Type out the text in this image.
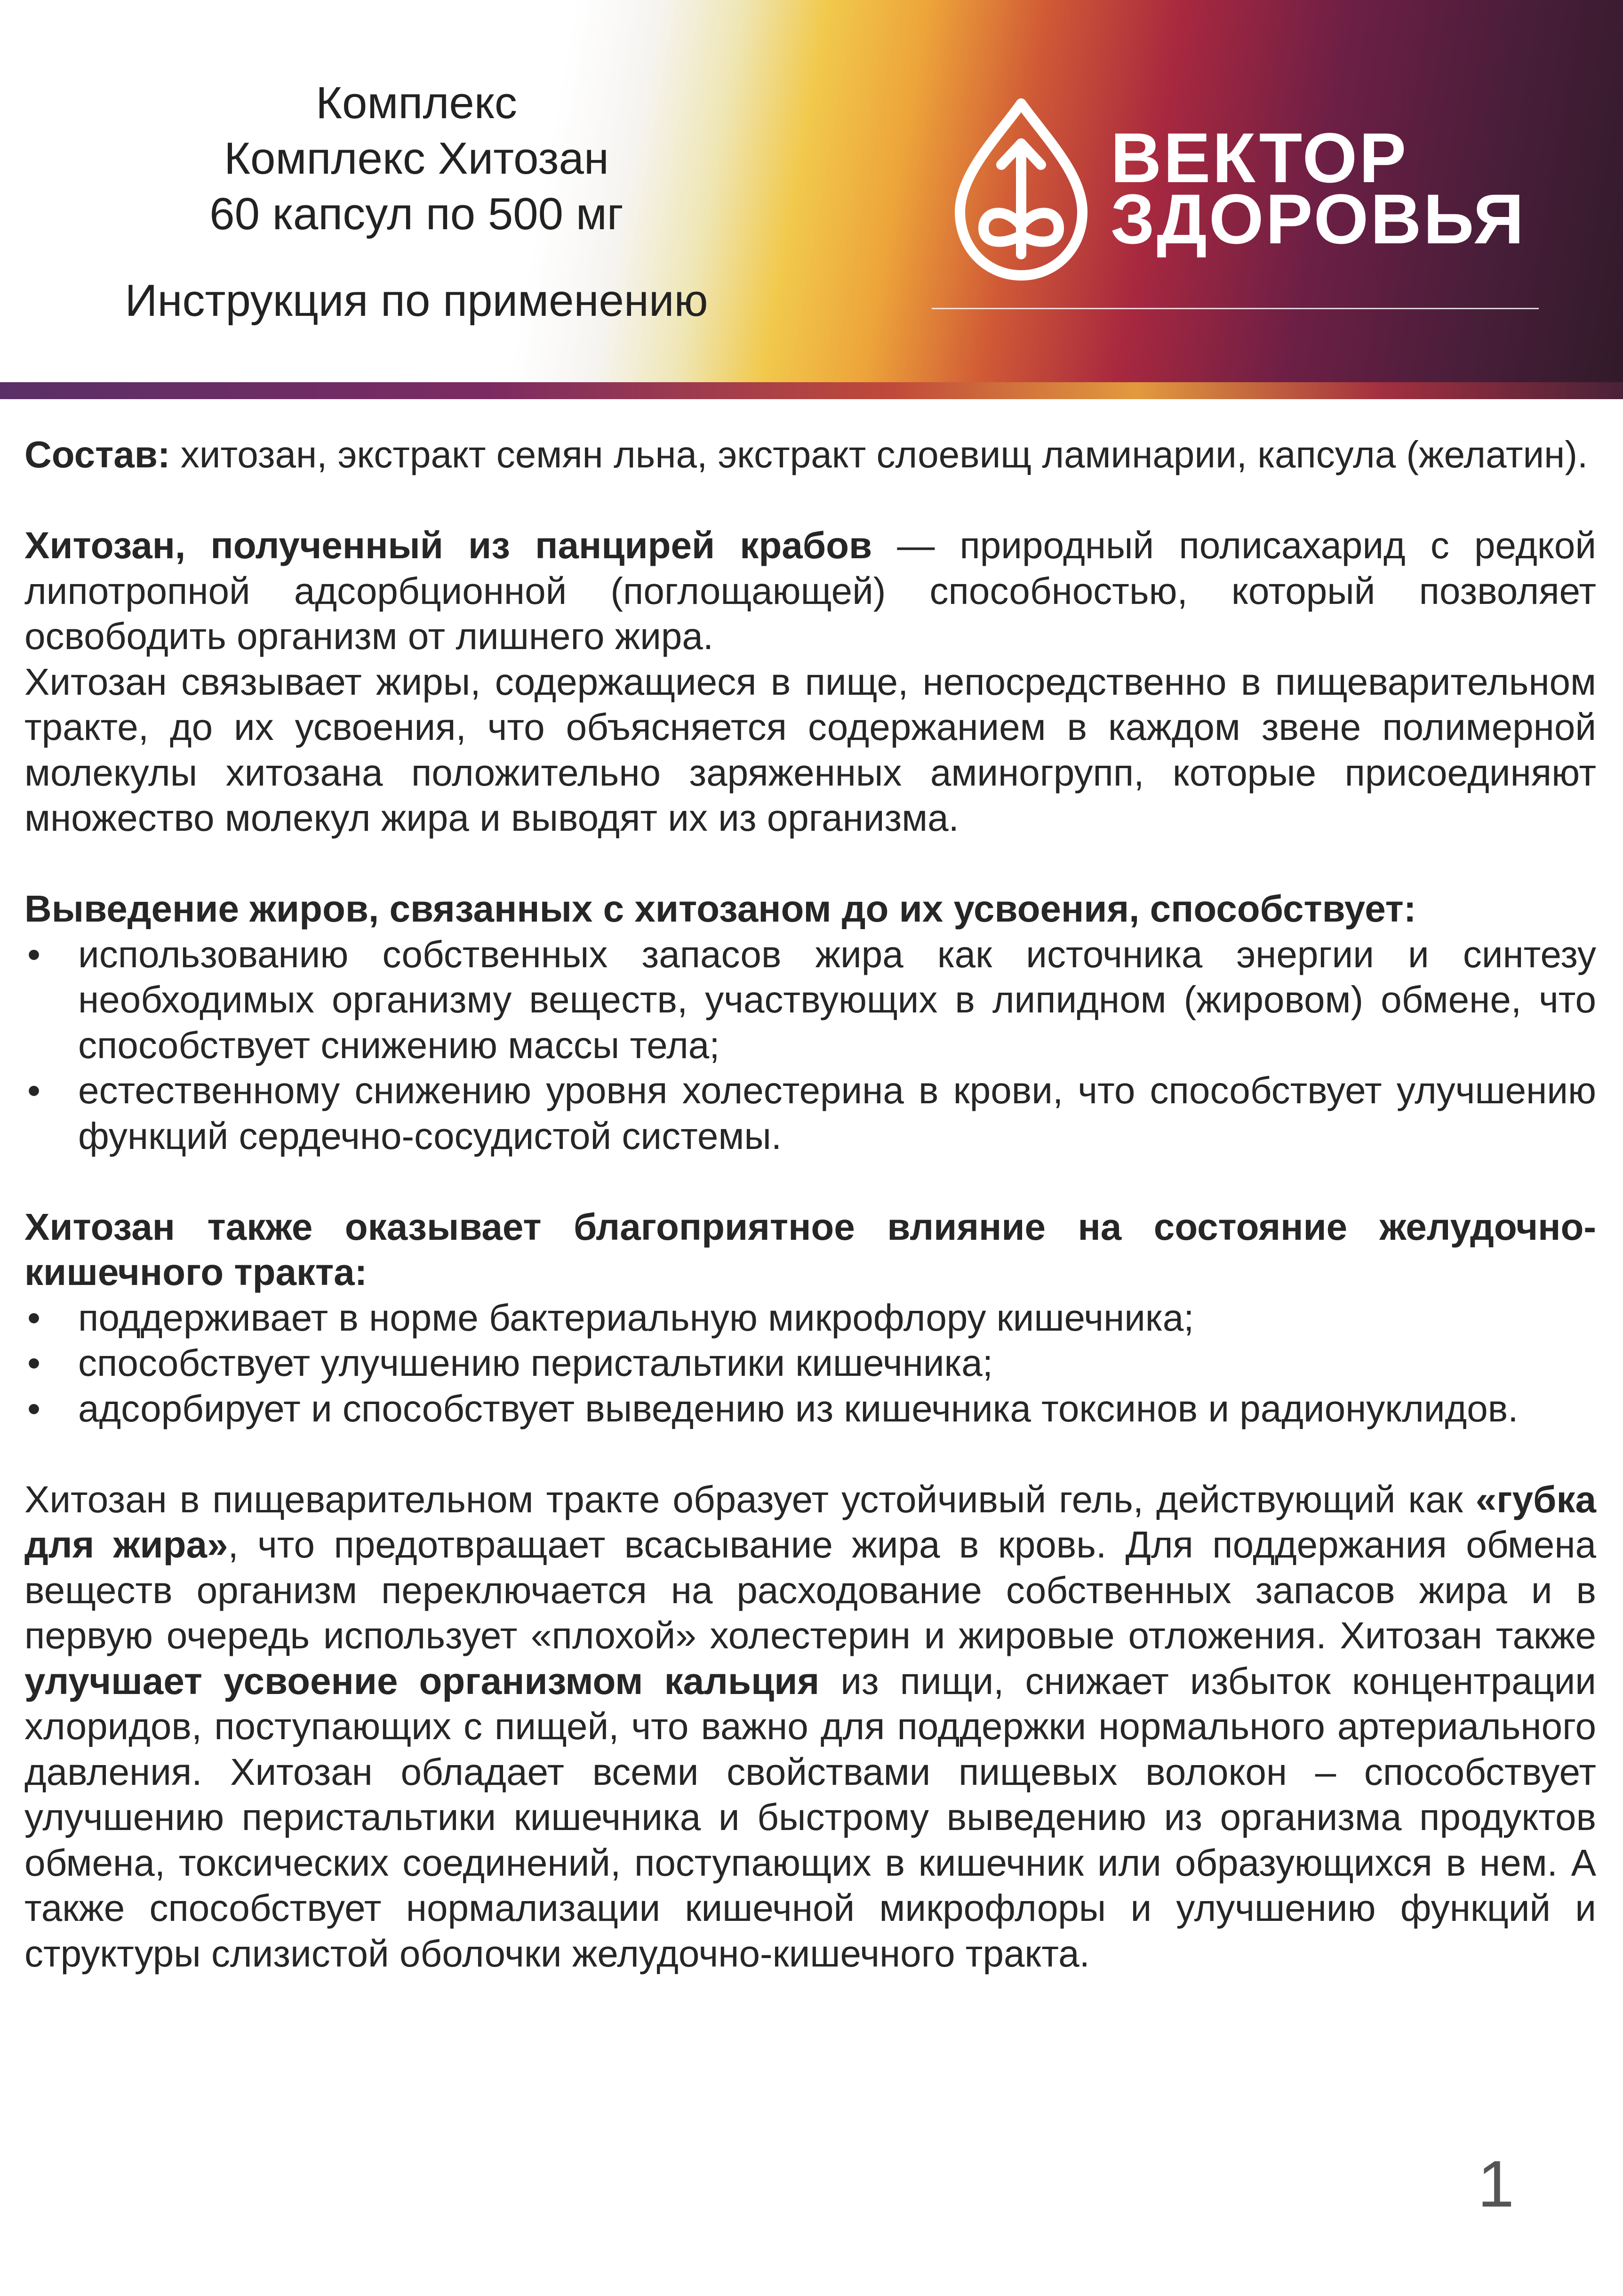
Комплекс
Комплекс Хитозан
60 капсул по 500 мг
Инструкция по применению
ВЕКТОР
ЗДОРОВЬЯ

Состав: хитозан, экстракт семян льна, экстракт слоевищ ламинарии, капсула (желатин).

Хитозан, полученный из панцирей крабов — природный полисахарид с редкой липотропной адсорбционной (поглощающей) способностью, который позволяет освободить организм от лишнего жира.

Хитозан связывает жиры, содержащиеся в пище, непосредственно в пищеварительном тракте, до их усвоения, что объясняется содержанием в каждом звене полимерной молекулы хитозана положительно заряженных аминогрупп, которые присоединяют множество молекул жира и выводят их из организма.

Выведение жиров, связанных с хитозаном до их усвоения, способствует:

• использованию собственных запасов жира как источника энергии и синтезу необходимых организму веществ, участвующих в липидном (жировом) обмене, что способствует снижению массы тела;
• естественному снижению уровня холестерина в крови, что способствует улучшению функций сердечно-сосудистой системы.

Хитозан также оказывает благоприятное влияние на состояние желудочно-кишечного тракта:

• поддерживает в норме бактериальную микрофлору кишечника;
• способствует улучшению перистальтики кишечника;
• адсорбирует и способствует выведению из кишечника токсинов и радионуклидов.

Хитозан в пищеварительном тракте образует устойчивый гель, действующий как «губка для жира», что предотвращает всасывание жира в кровь. Для поддержания обмена веществ организм переключается на расходование собственных запасов жира и в первую очередь использует «плохой» холестерин и жировые отложения. Хитозан также улучшает усвоение организмом кальция из пищи, снижает избыток концентрации хлоридов, поступающих с пищей, что важно для поддержки нормального артериального давления. Хитозан обладает всеми свойствами пищевых волокон – способствует улучшению перистальтики кишечника и быстрому выведению из организма продуктов обмена, токсических соединений, поступающих в кишечник или образующихся в нем. А также способствует нормализации кишечной микрофлоры и улучшению функций и структуры слизистой оболочки желудочно-кишечного тракта.

1
